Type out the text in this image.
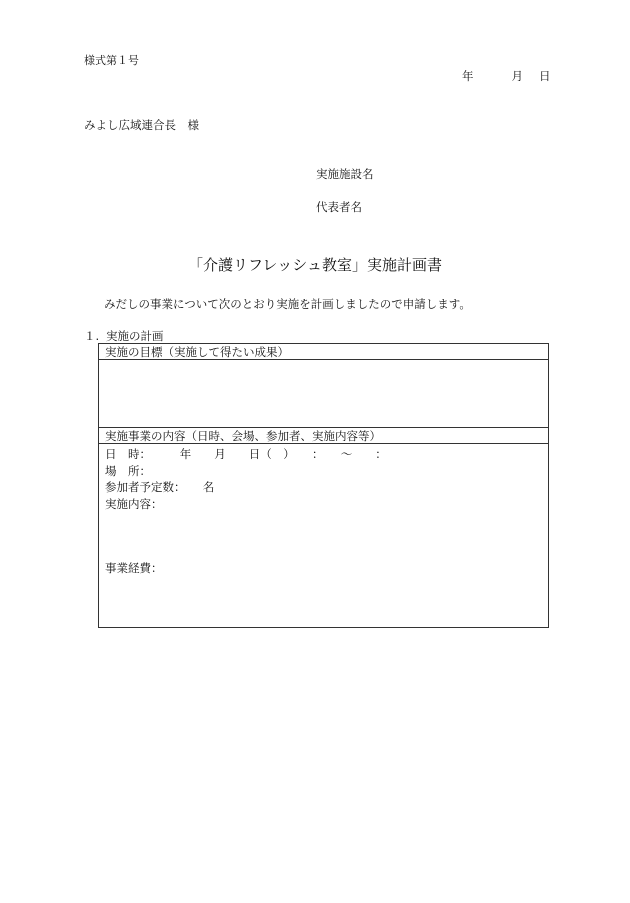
様式第１号
年	月 日
みよし広域連合長　様
実施施設名
代表者名
「介護リフレッシュ教室」実施計画書
みだしの事業について次のとおり実施を計画しましたので申請します。
１. 実施の計画
実施の目標（実施して得たい成果）
実施事業の内容（日時、会場、参加者、実施内容等）
日　時：　　　年　　月　　日（　）　　：　　～　　：
場　所：
参加者予定数：　　名
実施内容：
事業経費：
